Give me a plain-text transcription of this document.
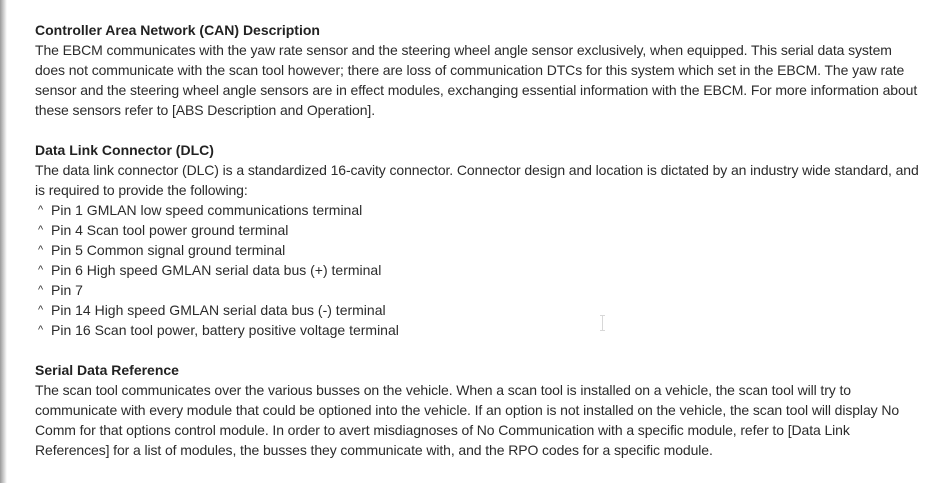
Controller Area Network (CAN) Description

The EBCM communicates with the yaw rate sensor and the steering wheel angle sensor exclusively, when equipped. This serial data system does not communicate with the scan tool however; there are loss of communication DTCs for this system which set in the EBCM. The yaw rate sensor and the steering wheel angle sensors are in effect modules, exchanging essential information with the EBCM. For more information about these sensors refer to [ABS Description and Operation].

Data Link Connector (DLC)

The data link connector (DLC) is a standardized 16-cavity connector. Connector design and location is dictated by an industry wide standard, and is required to provide the following:

^ Pin 1 GMLAN low speed communications terminal
^ Pin 4 Scan tool power ground terminal
^ Pin 5 Common signal ground terminal
^ Pin 6 High speed GMLAN serial data bus (+) terminal
^ Pin 7
^ Pin 14 High speed GMLAN serial data bus (-) terminal
^ Pin 16 Scan tool power, battery positive voltage terminal

Serial Data Reference

The scan tool communicates over the various busses on the vehicle. When a scan tool is installed on a vehicle, the scan tool will try to communicate with every module that could be optioned into the vehicle. If an option is not installed on the vehicle, the scan tool will display No Comm for that options control module. In order to avert misdiagnoses of No Communication with a specific module, refer to [Data Link References] for a list of modules, the busses they communicate with, and the RPO codes for a specific module.
